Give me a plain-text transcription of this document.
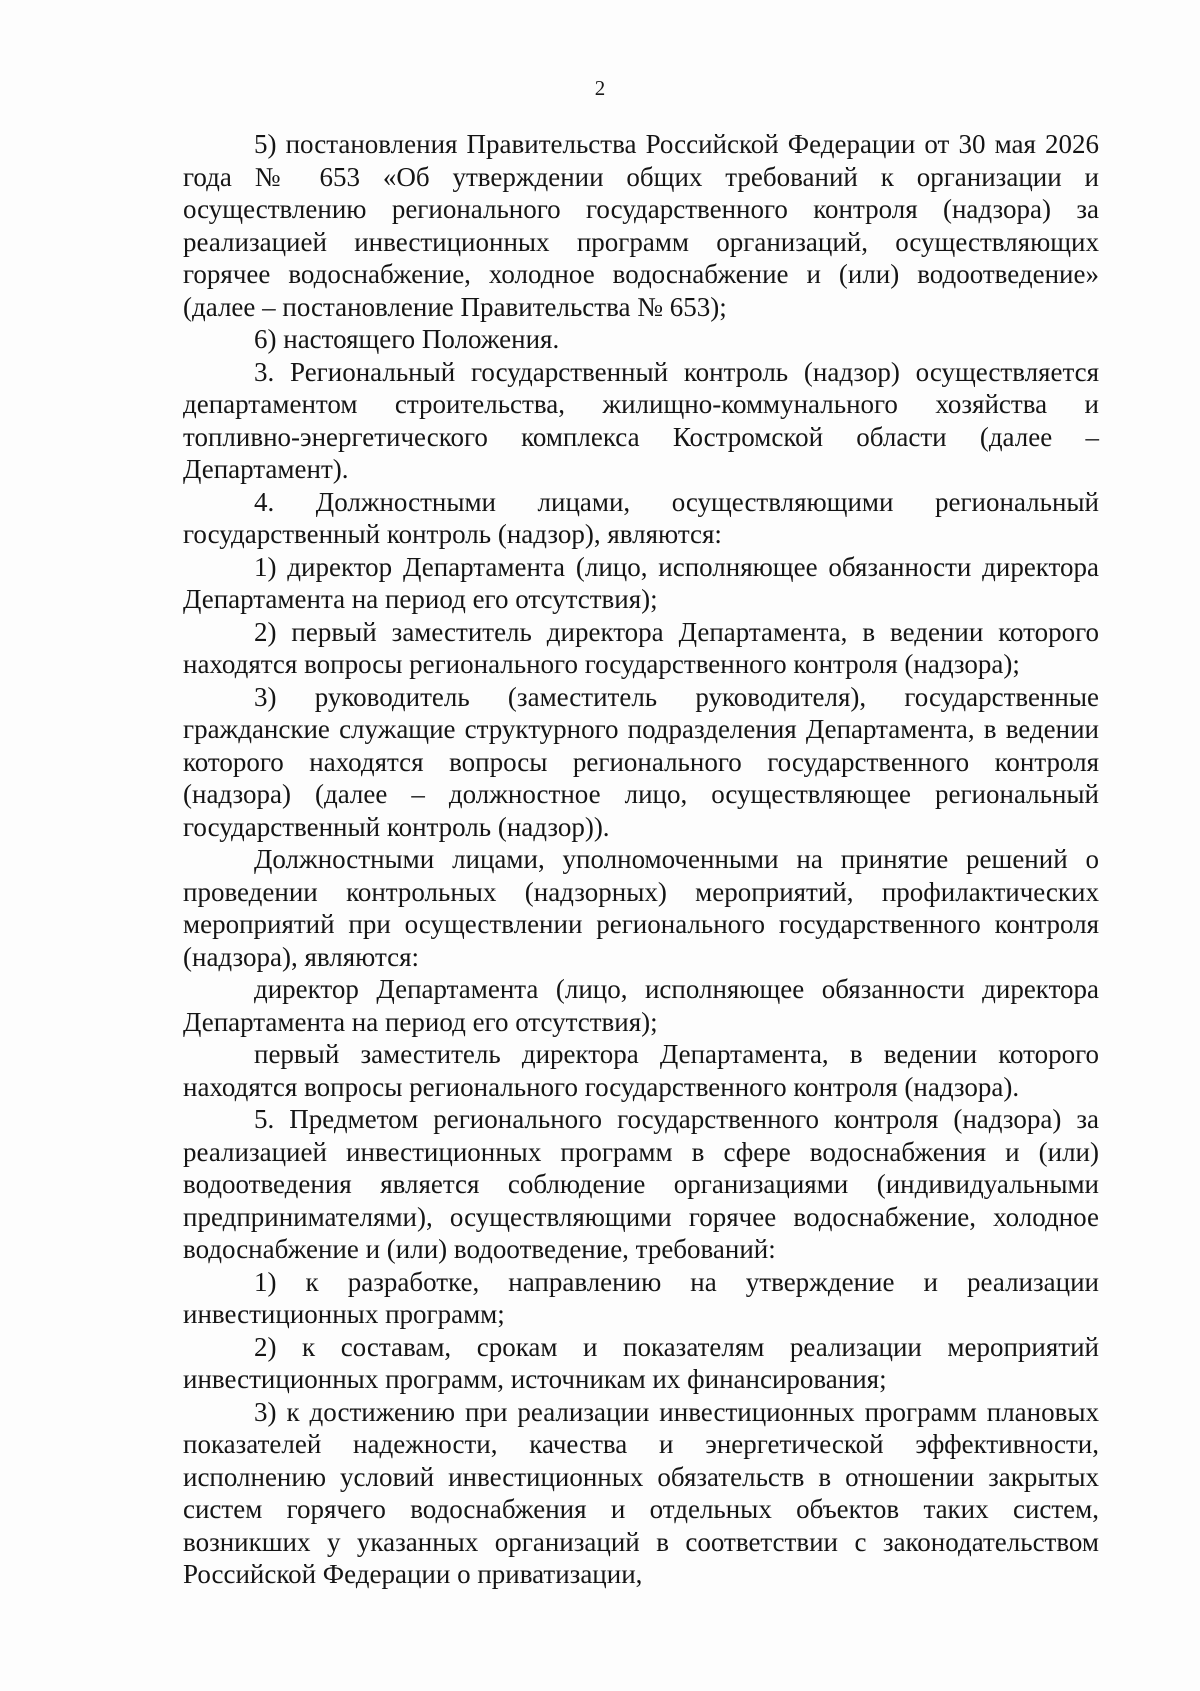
2

5) постановления Правительства Российской Федерации от 30 мая 2026 года № 653 «Об утверждении общих требований к организации и осуществлению регионального государственного контроля (надзора) за реализацией инвестиционных программ организаций, осуществляющих горячее водоснабжение, холодное водоснабжение и (или) водоотведение» (далее – постановление Правительства № 653);

6) настоящего Положения.

3. Региональный государственный контроль (надзор) осуществляется департаментом строительства, жилищно-коммунального хозяйства и топливно-энергетического комплекса Костромской области (далее – Департамент).

4. Должностными лицами, осуществляющими региональный государственный контроль (надзор), являются:

1) директор Департамента (лицо, исполняющее обязанности директора Департамента на период его отсутствия);

2) первый заместитель директора Департамента, в ведении которого находятся вопросы регионального государственного контроля (надзора);

3) руководитель (заместитель руководителя), государственные гражданские служащие структурного подразделения Департамента, в ведении которого находятся вопросы регионального государственного контроля (надзора) (далее – должностное лицо, осуществляющее региональный государственный контроль (надзор)).

Должностными лицами, уполномоченными на принятие решений о проведении контрольных (надзорных) мероприятий, профилактических мероприятий при осуществлении регионального государственного контроля (надзора), являются:

директор Департамента (лицо, исполняющее обязанности директора Департамента на период его отсутствия);

первый заместитель директора Департамента, в ведении которого находятся вопросы регионального государственного контроля (надзора).

5. Предметом регионального государственного контроля (надзора) за реализацией инвестиционных программ в сфере водоснабжения и (или) водоотведения является соблюдение организациями (индивидуальными предпринимателями), осуществляющими горячее водоснабжение, холодное водоснабжение и (или) водоотведение, требований:

1) к разработке, направлению на утверждение и реализации инвестиционных программ;

2) к составам, срокам и показателям реализации мероприятий инвестиционных программ, источникам их финансирования;

3) к достижению при реализации инвестиционных программ плановых показателей надежности, качества и энергетической эффективности, исполнению условий инвестиционных обязательств в отношении закрытых систем горячего водоснабжения и отдельных объектов таких систем, возникших у указанных организаций в соответствии с законодательством Российской Федерации о приватизации,
